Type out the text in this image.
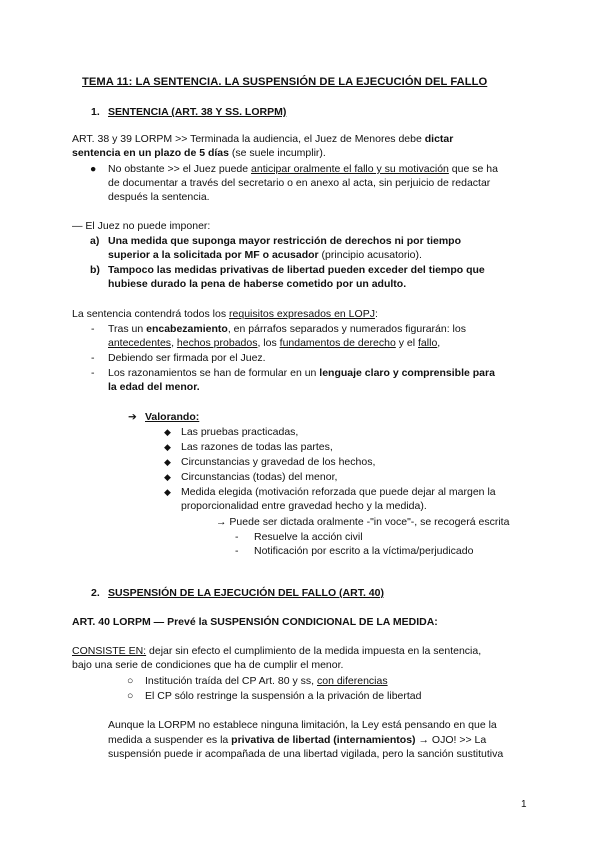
TEMA 11: LA SENTENCIA. LA SUSPENSIÓN DE LA EJECUCIÓN DEL FALLO
1. SENTENCIA (ART. 38 Y SS. LORPM)
ART. 38 y 39 LORPM >> Terminada la audiencia, el Juez de Menores debe dictar
sentencia en un plazo de 5 días (se suele incumplir).
● No obstante >> el Juez puede anticipar oralmente el fallo y su motivación que se ha
de documentar a través del secretario o en anexo al acta, sin perjuicio de redactar
después la sentencia.
— El Juez no puede imponer:
a) Una medida que suponga mayor restricción de derechos ni por tiempo
superior a la solicitada por MF o acusador (principio acusatorio).
b) Tampoco las medidas privativas de libertad pueden exceder del tiempo que
hubiese durado la pena de haberse cometido por un adulto.
La sentencia contendrá todos los requisitos expresados en LOPJ:
- Tras un encabezamiento, en párrafos separados y numerados figurarán: los
antecedentes, hechos probados, los fundamentos de derecho y el fallo,
- Debiendo ser firmada por el Juez.
- Los razonamientos se han de formular en un lenguaje claro y comprensible para
la edad del menor.
➔ Valorando:
◆ Las pruebas practicadas,
◆ Las razones de todas las partes,
◆ Circunstancias y gravedad de los hechos,
◆ Circunstancias (todas) del menor,
◆ Medida elegida (motivación reforzada que puede dejar al margen la
proporcionalidad entre gravedad hecho y la medida).
→ Puede ser dictada oralmente -"in voce"-, se recogerá escrita
- Resuelve la acción civil
- Notificación por escrito a la víctima/perjudicado
2. SUSPENSIÓN DE LA EJECUCIÓN DEL FALLO (ART. 40)
ART. 40 LORPM — Prevé la SUSPENSIÓN CONDICIONAL DE LA MEDIDA:
CONSISTE EN: dejar sin efecto el cumplimiento de la medida impuesta en la sentencia,
bajo una serie de condiciones que ha de cumplir el menor.
○ Institución traída del CP Art. 80 y ss, con diferencias
○ El CP sólo restringe la suspensión a la privación de libertad
Aunque la LORPM no establece ninguna limitación, la Ley está pensando en que la
medida a suspender es la privativa de libertad (internamientos) → OJO! >> La
suspensión puede ir acompañada de una libertad vigilada, pero la sanción sustitutiva
1
